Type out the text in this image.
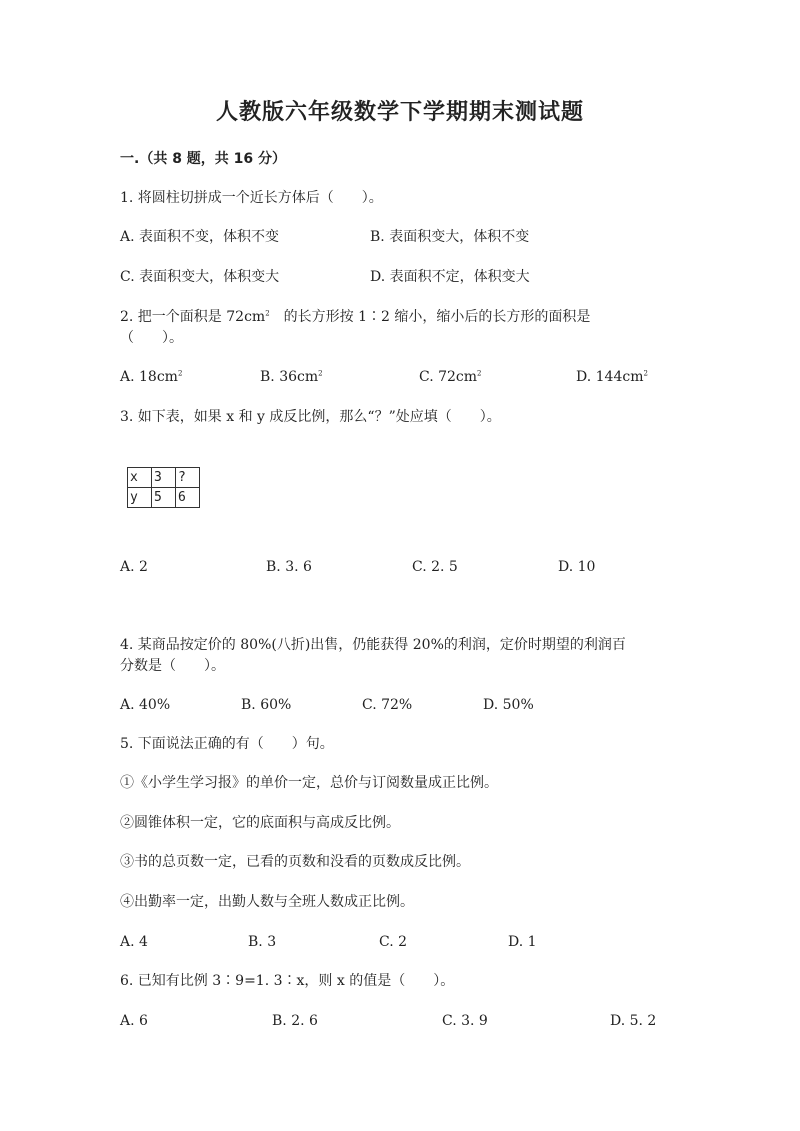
人教版六年级数学下学期期末测试题
一.（共 8 题，共 16 分）
1. 将圆柱切拼成一个近长方体后（　　）。
A. 表面积不变，体积不变	B. 表面积变大，体积不变
C. 表面积变大，体积变大	D. 表面积不定，体积变大
2. 把一个面积是 $72cm^2$　的长方形按 1∶2 缩小，缩小后的长方形的面积是
（　　）。
A. $18cm^2$	B. $36cm^2$	C. $72cm^2$	D. $144cm^2$
3. 如下表，如果 x 和 y 成反比例，那么“？”处应填（　　）。
x	3	?
y	5	6
A. 2	B. 3. 6	C. 2. 5	D. 10
4. 某商品按定价的 80%(八折)出售，仍能获得 20%的利润，定价时期望的利润百
分数是（　　）。
A. 40%	B. 60%	C. 72%	D. 50%
5. 下面说法正确的有（　　）句。
①《小学生学习报》的单价一定，总价与订阅数量成正比例。
②圆锥体积一定，它的底面积与高成反比例。
③书的总页数一定，已看的页数和没看的页数成反比例。
④出勤率一定，出勤人数与全班人数成正比例。
A. 4	B. 3	C. 2	D. 1
6. 已知有比例 3∶9=1. 3∶x，则 x 的值是（　　）。
A. 6	B. 2. 6	C. 3. 9	D. 5. 2
